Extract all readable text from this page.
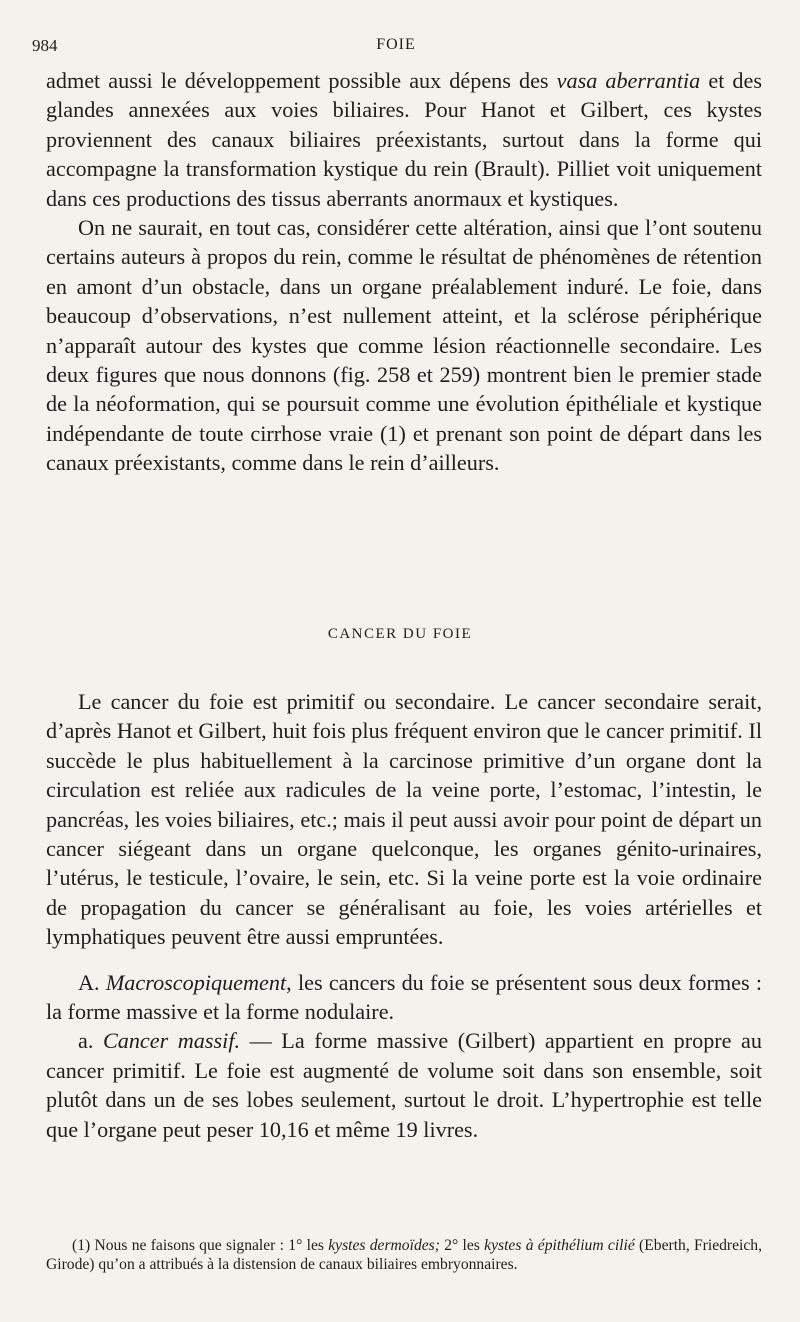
984	FOIE

admet aussi le développement possible aux dépens des vasa aberrantia et des glandes annexées aux voies biliaires. Pour Hanot et Gilbert, ces kystes proviennent des canaux biliaires préexistants, surtout dans la forme qui accompagne la transformation kystique du rein (Brault). Pilliet voit uniquement dans ces productions des tissus aberrants anormaux et kystiques.

On ne saurait, en tout cas, considérer cette altération, ainsi que l’ont soutenu certains auteurs à propos du rein, comme le résultat de phénomènes de rétention en amont d’un obstacle, dans un organe préalablement induré. Le foie, dans beaucoup d’observations, n’est nullement atteint, et la sclérose périphérique n’apparaît autour des kystes que comme lésion réactionnelle secondaire. Les deux figures que nous donnons (fig. 258 et 259) montrent bien le premier stade de la néoformation, qui se poursuit comme une évolution épithéliale et kystique indépendante de toute cirrhose vraie (1) et prenant son point de départ dans les canaux préexistants, comme dans le rein d’ailleurs.

CANCER DU FOIE

Le cancer du foie est primitif ou secondaire. Le cancer secondaire serait, d’après Hanot et Gilbert, huit fois plus fréquent environ que le cancer primitif. Il succède le plus habituellement à la carcinose primitive d’un organe dont la circulation est reliée aux radicules de la veine porte, l’estomac, l’intestin, le pancréas, les voies biliaires, etc.; mais il peut aussi avoir pour point de départ un cancer siégeant dans un organe quelconque, les organes génito-urinaires, l’utérus, le testicule, l’ovaire, le sein, etc. Si la veine porte est la voie ordinaire de propagation du cancer se généralisant au foie, les voies artérielles et lymphatiques peuvent être aussi empruntées.

A. Macroscopiquement, les cancers du foie se présentent sous deux formes : la forme massive et la forme nodulaire.

a. Cancer massif. — La forme massive (Gilbert) appartient en propre au cancer primitif. Le foie est augmenté de volume soit dans son ensemble, soit plutôt dans un de ses lobes seulement, surtout le droit. L’hypertrophie est telle que l’organe peut peser 10,16 et même 19 livres.

(1) Nous ne faisons que signaler : 1° les kystes dermoïdes; 2° les kystes à épithélium cilié (Eberth, Friedreich, Girode) qu’on a attribués à la distension de canaux biliaires embryonnaires.
